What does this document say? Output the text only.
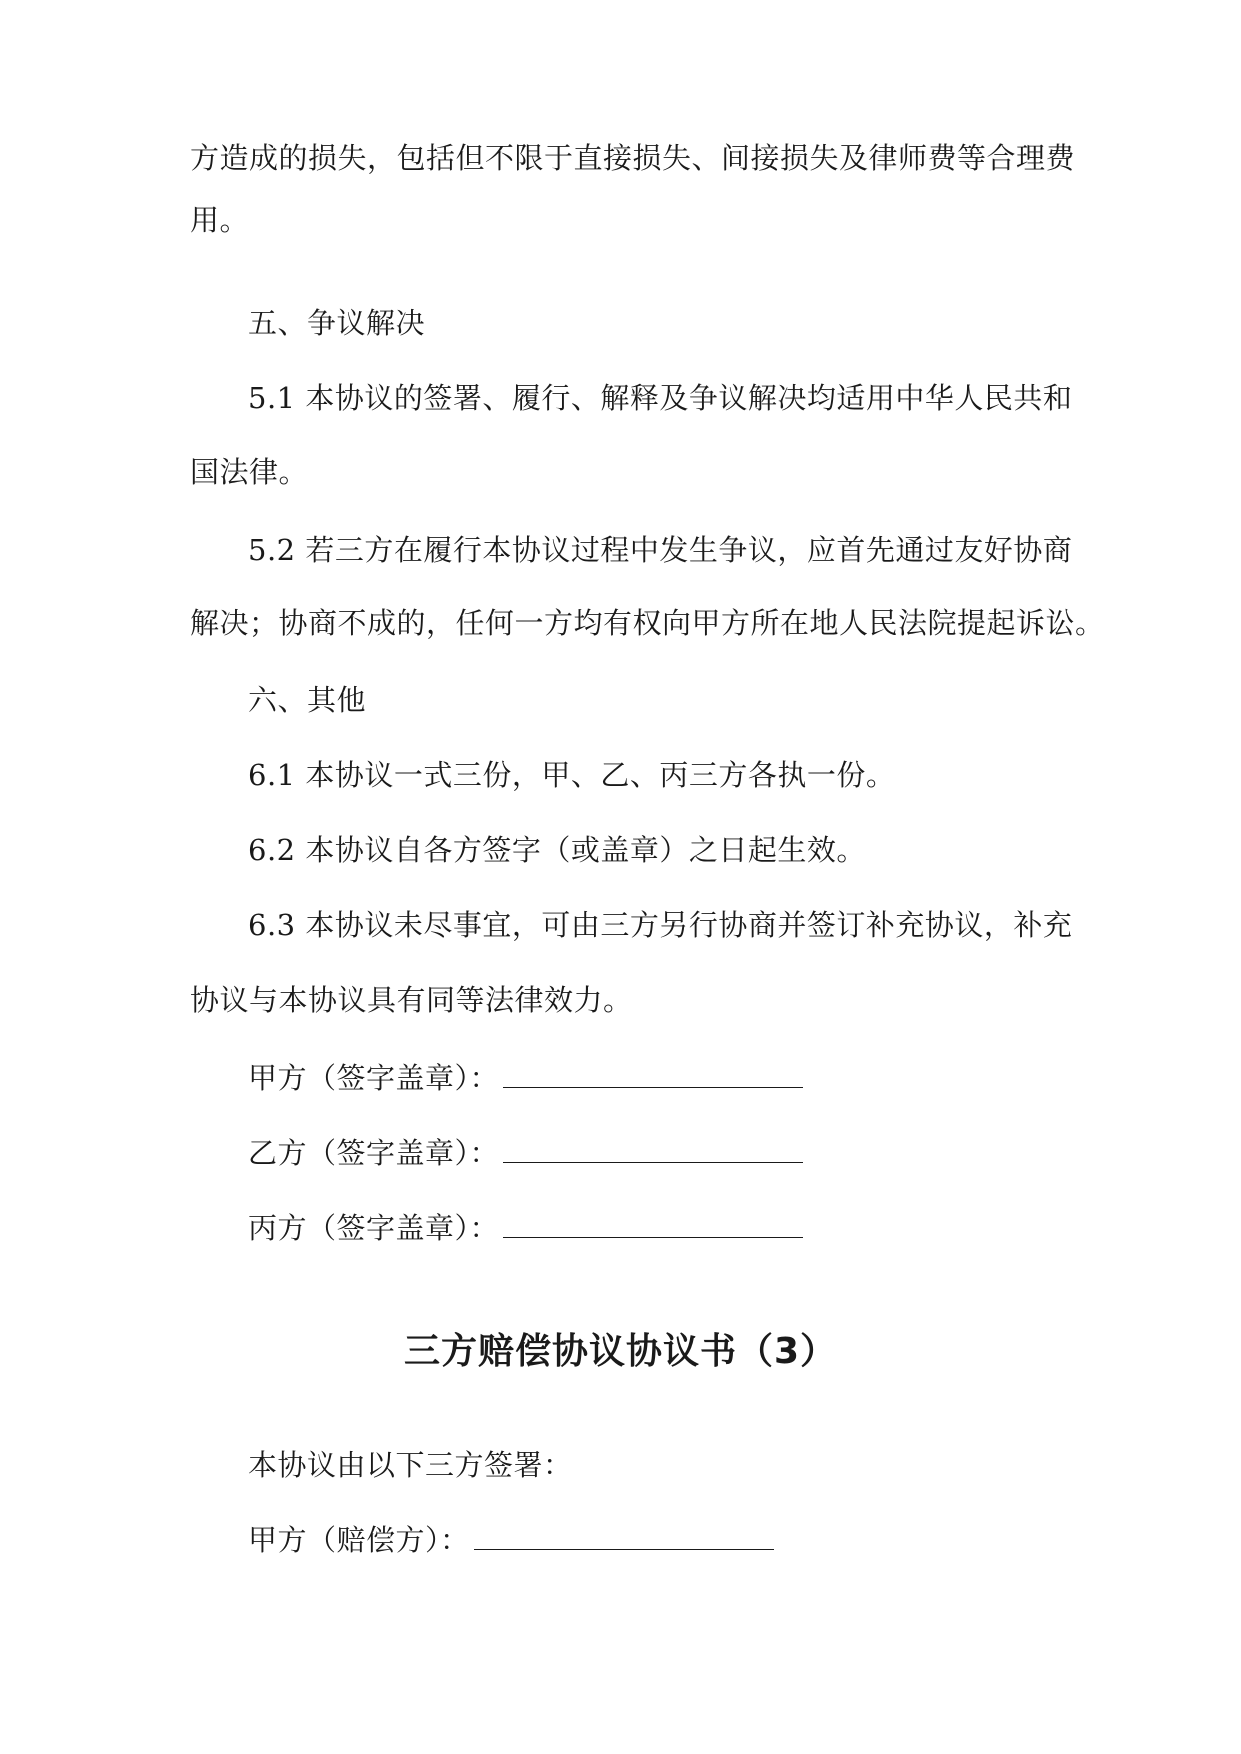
方造成的损失，包括但不限于直接损失、间接损失及律师费等合理费
用。
五、争议解决
5.1 本协议的签署、履行、解释及争议解决均适用中华人民共和
国法律。
5.2 若三方在履行本协议过程中发生争议，应首先通过友好协商
解决；协商不成的，任何一方均有权向甲方所在地人民法院提起诉讼。
六、其他
6.1 本协议一式三份，甲、乙、丙三方各执一份。
6.2 本协议自各方签字（或盖章）之日起生效。
6.3 本协议未尽事宜，可由三方另行协商并签订补充协议，补充
协议与本协议具有同等法律效力。
甲方（签字盖章）：
乙方（签字盖章）：
丙方（签字盖章）：
三方赔偿协议协议书（3）
本协议由以下三方签署：
甲方（赔偿方）：
